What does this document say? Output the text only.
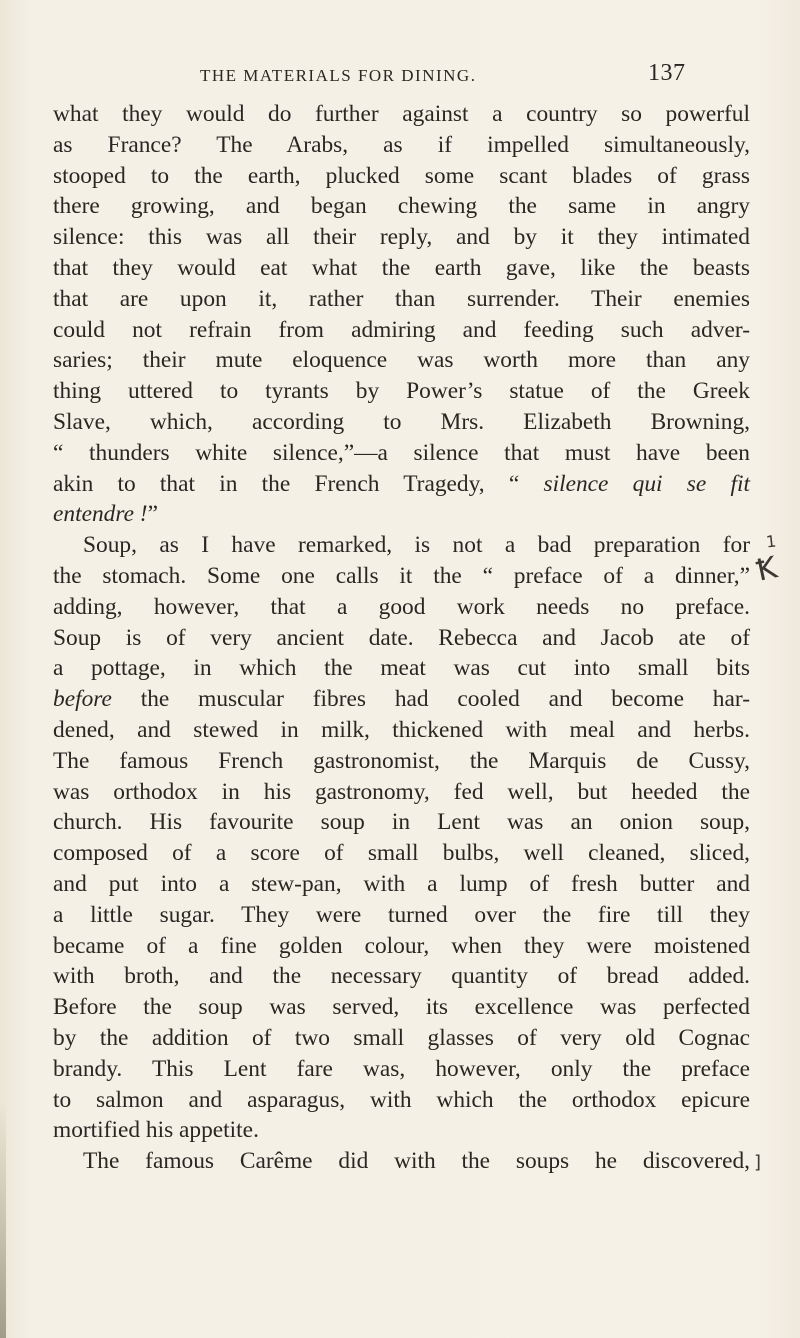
THE MATERIALS FOR DINING.	137
what they would do further against a country so powerful
as France? The Arabs, as if impelled simultaneously,
stooped to the earth, plucked some scant blades of grass
there growing, and began chewing the same in angry
silence: this was all their reply, and by it they intimated
that they would eat what the earth gave, like the beasts
that are upon it, rather than surrender. Their enemies
could not refrain from admiring and feeding such adver-
saries; their mute eloquence was worth more than any
thing uttered to tyrants by Power’s statue of the Greek
Slave, which, according to Mrs. Elizabeth Browning,
“ thunders white silence,”—a silence that must have been
akin to that in the French Tragedy, “ silence qui se fit
entendre !”
Soup, as I have remarked, is not a bad preparation for
the stomach. Some one calls it the “ preface of a dinner,”
adding, however, that a good work needs no preface.
Soup is of very ancient date. Rebecca and Jacob ate of
a pottage, in which the meat was cut into small bits
before the muscular fibres had cooled and become har-
dened, and stewed in milk, thickened with meal and herbs.
The famous French gastronomist, the Marquis de Cussy,
was orthodox in his gastronomy, fed well, but heeded the
church. His favourite soup in Lent was an onion soup,
composed of a score of small bulbs, well cleaned, sliced,
and put into a stew-pan, with a lump of fresh butter and
a little sugar. They were turned over the fire till they
became of a fine golden colour, when they were moistened
with broth, and the necessary quantity of bread added.
Before the soup was served, its excellence was perfected
by the addition of two small glasses of very old Cognac
brandy. This Lent fare was, however, only the preface
to salmon and asparagus, with which the orthodox epicure
mortified his appetite.
The famous Carême did with the soups he discovered,
1
Ꝁ
]
